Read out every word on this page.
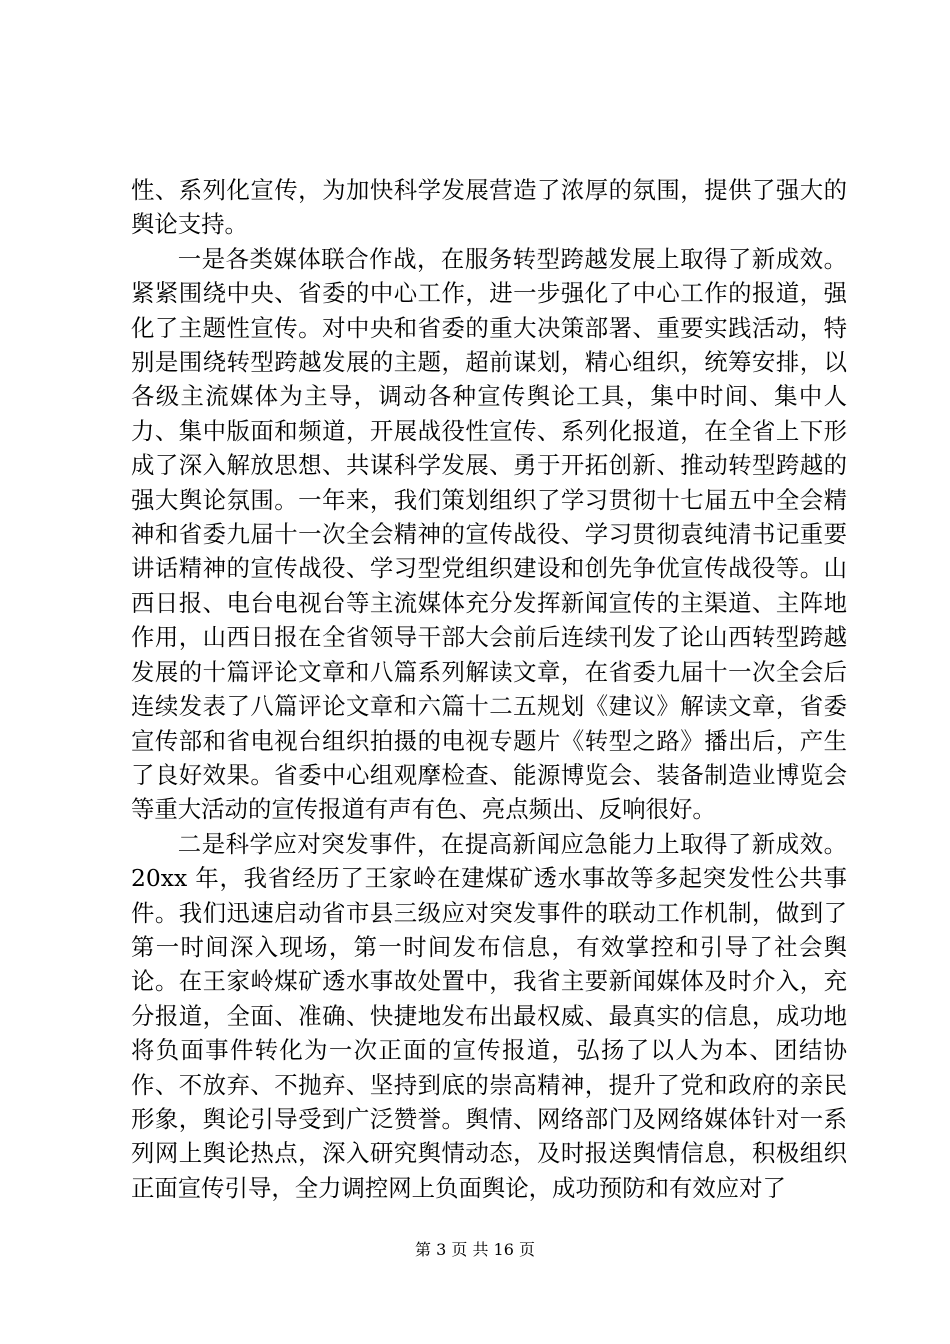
性、系列化宣传，为加快科学发展营造了浓厚的氛围，提供了强大的舆论支持。

一是各类媒体联合作战，在服务转型跨越发展上取得了新成效。紧紧围绕中央、省委的中心工作，进一步强化了中心工作的报道，强化了主题性宣传。对中央和省委的重大决策部署、重要实践活动，特别是围绕转型跨越发展的主题，超前谋划，精心组织，统筹安排，以各级主流媒体为主导，调动各种宣传舆论工具，集中时间、集中人力、集中版面和频道，开展战役性宣传、系列化报道，在全省上下形成了深入解放思想、共谋科学发展、勇于开拓创新、推动转型跨越的强大舆论氛围。一年来，我们策划组织了学习贯彻十七届五中全会精神和省委九届十一次全会精神的宣传战役、学习贯彻袁纯清书记重要讲话精神的宣传战役、学习型党组织建设和创先争优宣传战役等。山西日报、电台电视台等主流媒体充分发挥新闻宣传的主渠道、主阵地作用，山西日报在全省领导干部大会前后连续刊发了论山西转型跨越发展的十篇评论文章和八篇系列解读文章，在省委九届十一次全会后连续发表了八篇评论文章和六篇十二五规划《建议》解读文章，省委宣传部和省电视台组织拍摄的电视专题片《转型之路》播出后，产生了良好效果。省委中心组观摩检查、能源博览会、装备制造业博览会等重大活动的宣传报道有声有色、亮点频出、反响很好。

二是科学应对突发事件，在提高新闻应急能力上取得了新成效。20xx 年，我省经历了王家岭在建煤矿透水事故等多起突发性公共事件。我们迅速启动省市县三级应对突发事件的联动工作机制，做到了第一时间深入现场，第一时间发布信息，有效掌控和引导了社会舆论。在王家岭煤矿透水事故处置中，我省主要新闻媒体及时介入，充分报道，全面、准确、快捷地发布出最权威、最真实的信息，成功地将负面事件转化为一次正面的宣传报道，弘扬了以人为本、团结协作、不放弃、不抛弃、坚持到底的崇高精神，提升了党和政府的亲民形象，舆论引导受到广泛赞誉。舆情、网络部门及网络媒体针对一系列网上舆论热点，深入研究舆情动态，及时报送舆情信息，积极组织正面宣传引导，全力调控网上负面舆论，成功预防和有效应对了

第 3 页 共 16 页
